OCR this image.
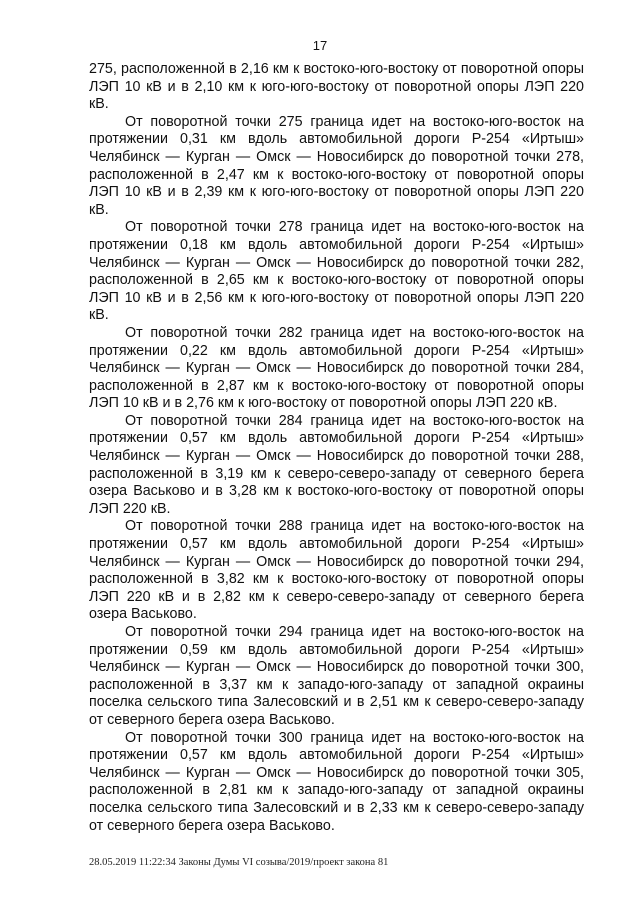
17

275, расположенной в 2,16 км к востоко-юго-востоку от поворотной опоры ЛЭП 10 кВ и в 2,10 км к юго-юго-востоку от поворотной опоры ЛЭП 220 кВ.

От поворотной точки 275 граница идет на востоко-юго-восток на протяжении 0,31 км вдоль автомобильной дороги Р-254 «Иртыш» Челябинск — Курган — Омск — Новосибирск до поворотной точки 278, расположенной в 2,47 км к востоко-юго-востоку от поворотной опоры ЛЭП 10 кВ и в 2,39 км к юго-юго-востоку от поворотной опоры ЛЭП 220 кВ.

От поворотной точки 278 граница идет на востоко-юго-восток на протяжении 0,18 км вдоль автомобильной дороги Р-254 «Иртыш» Челябинск — Курган — Омск — Новосибирск до поворотной точки 282, расположенной в 2,65 км к востоко-юго-востоку от поворотной опоры ЛЭП 10 кВ и в 2,56 км к юго-юго-востоку от поворотной опоры ЛЭП 220 кВ.

От поворотной точки 282 граница идет на востоко-юго-восток на протяжении 0,22 км вдоль автомобильной дороги Р-254 «Иртыш» Челябинск — Курган — Омск — Новосибирск до поворотной точки 284, расположенной в 2,87 км к востоко-юго-востоку от поворотной опоры ЛЭП 10 кВ и в 2,76 км к юго-востоку от поворотной опоры ЛЭП 220 кВ.

От поворотной точки 284 граница идет на востоко-юго-восток на протяжении 0,57 км вдоль автомобильной дороги Р-254 «Иртыш» Челябинск — Курган — Омск — Новосибирск до поворотной точки 288, расположенной в 3,19 км к северо-северо-западу от северного берега озера Васьково и в 3,28 км к востоко-юго-востоку от поворотной опоры ЛЭП 220 кВ.

От поворотной точки 288 граница идет на востоко-юго-восток на протяжении 0,57 км вдоль автомобильной дороги Р-254 «Иртыш» Челябинск — Курган — Омск — Новосибирск до поворотной точки 294, расположенной в 3,82 км к востоко-юго-востоку от поворотной опоры ЛЭП 220 кВ и в 2,82 км к северо-северо-западу от северного берега озера Васьково.

От поворотной точки 294 граница идет на востоко-юго-восток на протяжении 0,59 км вдоль автомобильной дороги Р-254 «Иртыш» Челябинск — Курган — Омск — Новосибирск до поворотной точки 300, расположенной в 3,37 км к западо-юго-западу от западной окраины поселка сельского типа Залесовский и в 2,51 км к северо-северо-западу от северного берега озера Васьково.

От поворотной точки 300 граница идет на востоко-юго-восток на протяжении 0,57 км вдоль автомобильной дороги Р-254 «Иртыш» Челябинск — Курган — Омск — Новосибирск до поворотной точки 305, расположенной в 2,81 км к западо-юго-западу от западной окраины поселка сельского типа Залесовский и в 2,33 км к северо-северо-западу от северного берега озера Васьково.

28.05.2019 11:22:34 Законы Думы VI созыва/2019/проект закона 81
